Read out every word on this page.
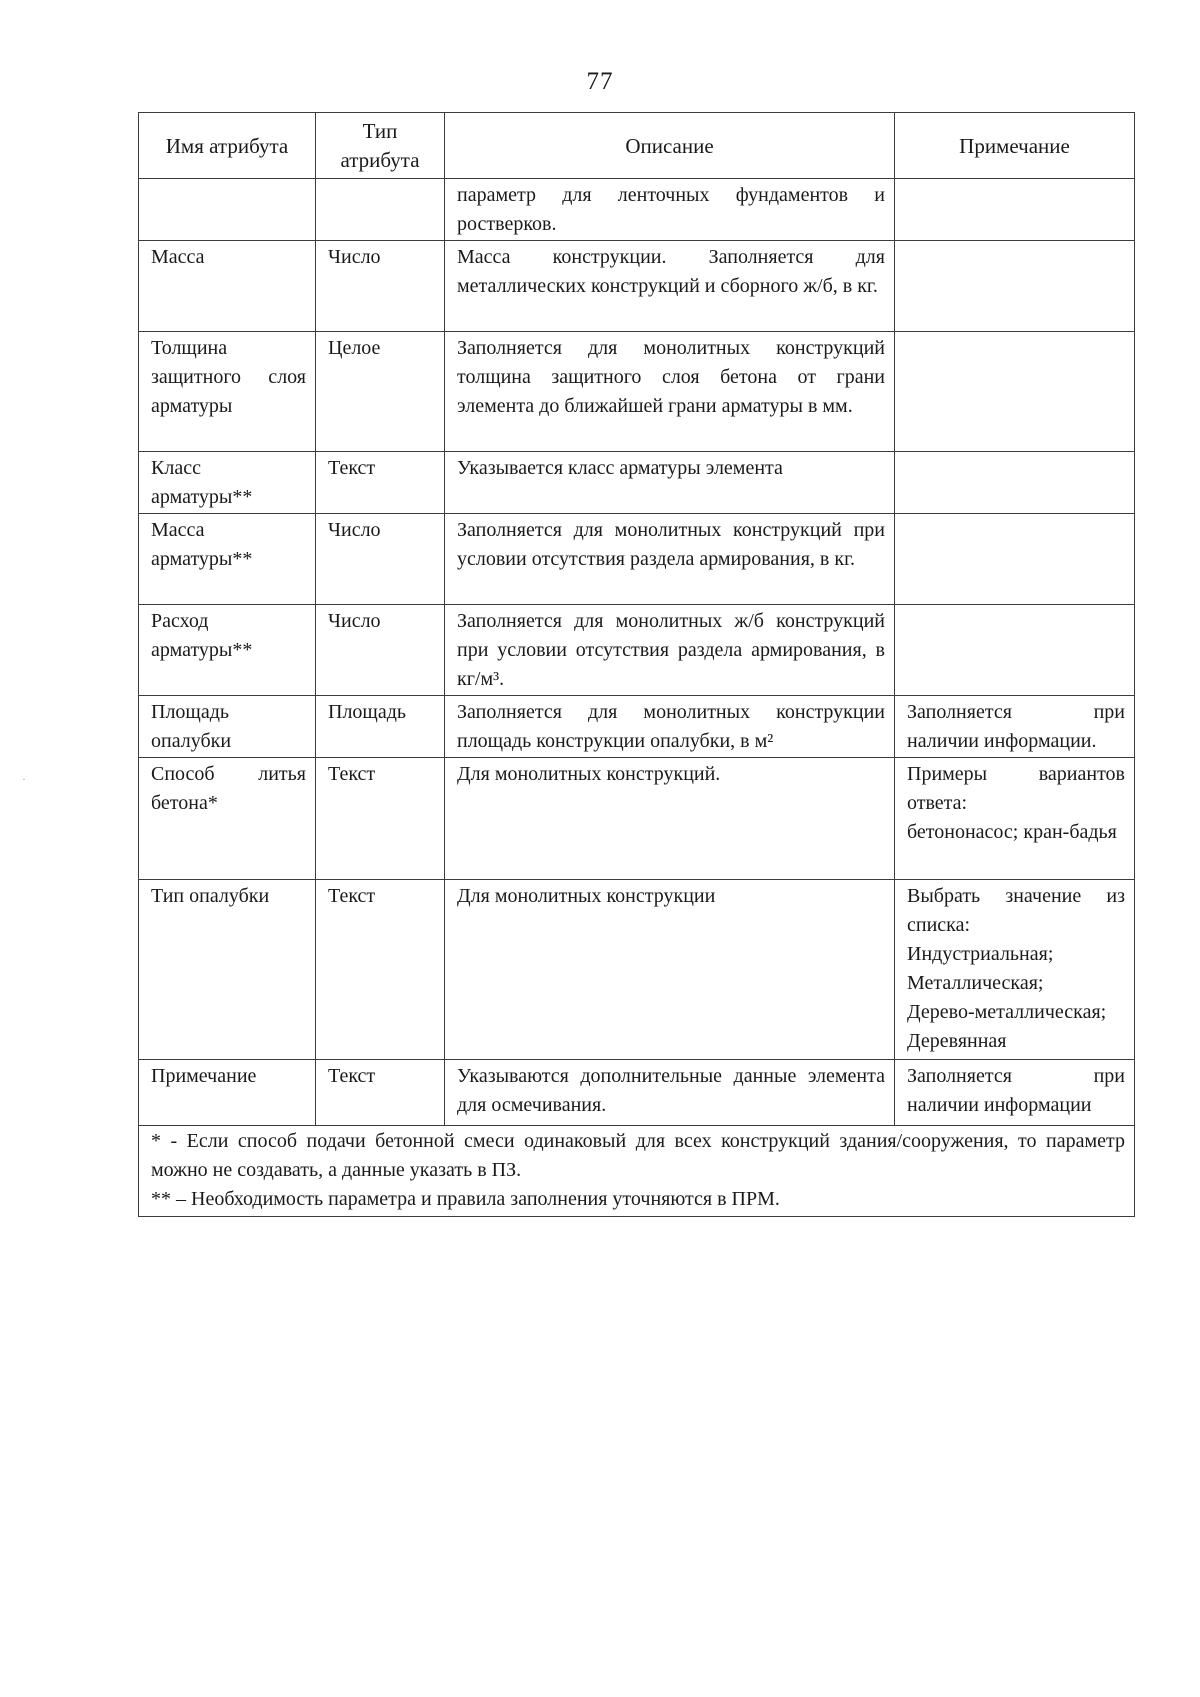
77
Имя атрибута	Тип атрибута	Описание	Примечание
		параметр для ленточных фундаментов и ростверков.	
Масса	Число	Масса конструкции. Заполняется для металлических конструкций и сборного ж/б, в кг.	
Толщина защитного слоя арматуры	Целое	Заполняется для монолитных конструкций толщина защитного слоя бетона от грани элемента до ближайшей грани арматуры в мм.	
Класс арматуры**	Текст	Указывается класс арматуры элемента	
Масса арматуры**	Число	Заполняется для монолитных конструкций при условии отсутствия раздела армирования, в кг.	
Расход арматуры**	Число	Заполняется для монолитных ж/б конструкций при условии отсутствия раздела армирования, в кг/м³.	
Площадь опалубки	Площадь	Заполняется для монолитных конструкции площадь конструкции опалубки, в м²	Заполняется при наличии информации.

Способ литья бетона*	Текст	Для монолитных конструкций.	Примеры вариантов ответа:
бетононасос; кран-бадья

Тип опалубки	Текст	Для монолитных конструкции	Выбрать значение из списка:
Индустриальная;
Металлическая;
Дерево-металлическая;
Деревянная

Примечание	Текст	Указываются дополнительные данные элемента для осмечивания.	Заполняется при наличии информации

* - Если способ подачи бетонной смеси одинаковый для всех конструкций здания/сооружения, то параметр можно не создавать, а данные указать в ПЗ.
** – Необходимость параметра и правила заполнения уточняются в ПРМ.			
·
